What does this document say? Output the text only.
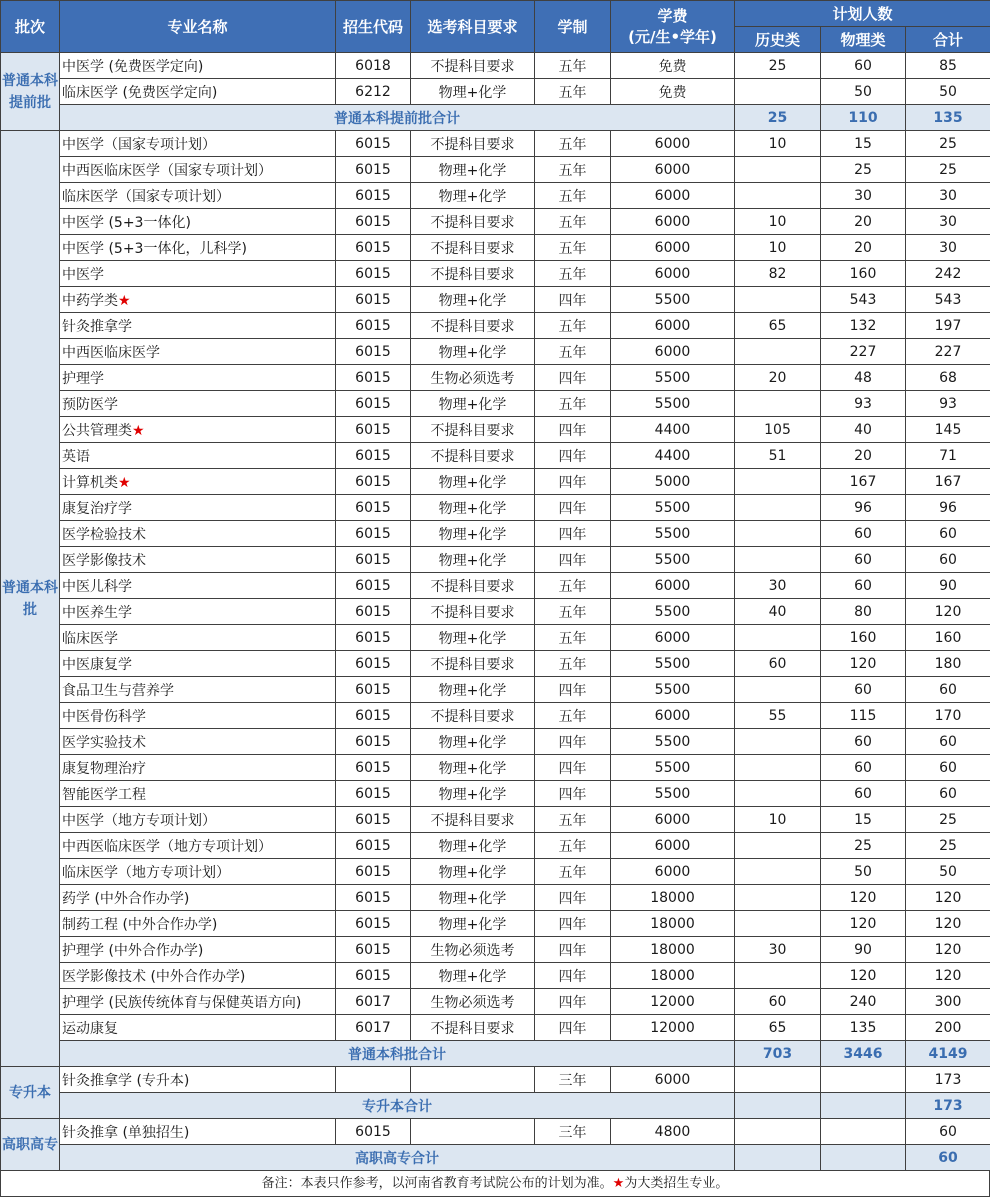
批次	专业名称	招生代码	选考科目要求	学制	学费
(元/生•学年)	计划人数		
						历史类	物理类	合计
普通本科提前批	中医学 (免费医学定向)	6018	不提科目要求	五年	免费	25	60	85
	临床医学 (免费医学定向)	6212	物理+化学	五年	免费		50	50
	普通本科提前批合计					25	110	135
普通本科批	中医学（国家专项计划）	6015	不提科目要求	五年	6000	10	15	25
	中西医临床医学（国家专项计划）	6015	物理+化学	五年	6000		25	25
	临床医学（国家专项计划）	6015	物理+化学	五年	6000		30	30
	中医学 (5+3一体化)	6015	不提科目要求	五年	6000	10	20	30
	中医学 (5+3一体化，儿科学)	6015	不提科目要求	五年	6000	10	20	30
	中医学	6015	不提科目要求	五年	6000	82	160	242
	中药学类★	6015	物理+化学	四年	5500		543	543
	针灸推拿学	6015	不提科目要求	五年	6000	65	132	197
	中西医临床医学	6015	物理+化学	五年	6000		227	227
	护理学	6015	生物必须选考	四年	5500	20	48	68
	预防医学	6015	物理+化学	五年	5500		93	93
	公共管理类★	6015	不提科目要求	四年	4400	105	40	145
	英语	6015	不提科目要求	四年	4400	51	20	71
	计算机类★	6015	物理+化学	四年	5000		167	167
	康复治疗学	6015	物理+化学	四年	5500		96	96
	医学检验技术	6015	物理+化学	四年	5500		60	60
	医学影像技术	6015	物理+化学	四年	5500		60	60
	中医儿科学	6015	不提科目要求	五年	6000	30	60	90
	中医养生学	6015	不提科目要求	五年	5500	40	80	120
	临床医学	6015	物理+化学	五年	6000		160	160
	中医康复学	6015	不提科目要求	五年	5500	60	120	180
	食品卫生与营养学	6015	物理+化学	四年	5500		60	60
	中医骨伤科学	6015	不提科目要求	五年	6000	55	115	170
	医学实验技术	6015	物理+化学	四年	5500		60	60
	康复物理治疗	6015	物理+化学	四年	5500		60	60
	智能医学工程	6015	物理+化学	四年	5500		60	60
	中医学（地方专项计划）	6015	不提科目要求	五年	6000	10	15	25
	中西医临床医学（地方专项计划）	6015	物理+化学	五年	6000		25	25
	临床医学（地方专项计划）	6015	物理+化学	五年	6000		50	50
	药学 (中外合作办学)	6015	物理+化学	四年	18000		120	120
	制药工程 (中外合作办学)	6015	物理+化学	四年	18000		120	120
	护理学 (中外合作办学)	6015	生物必须选考	四年	18000	30	90	120
	医学影像技术 (中外合作办学)	6015	物理+化学	四年	18000		120	120
	护理学 (民族传统体育与保健英语方向)	6017	生物必须选考	四年	12000	60	240	300
	运动康复	6017	不提科目要求	四年	12000	65	135	200
	普通本科批合计					703	3446	4149
专升本	针灸推拿学 (专升本)			三年	6000			173
	专升本合计							173
高职高专	针灸推拿 (单独招生)	6015		三年	4800			60
	高职高专合计							60
备注：本表只作参考，以河南省教育考试院公布的计划为准。★为大类招生专业。
